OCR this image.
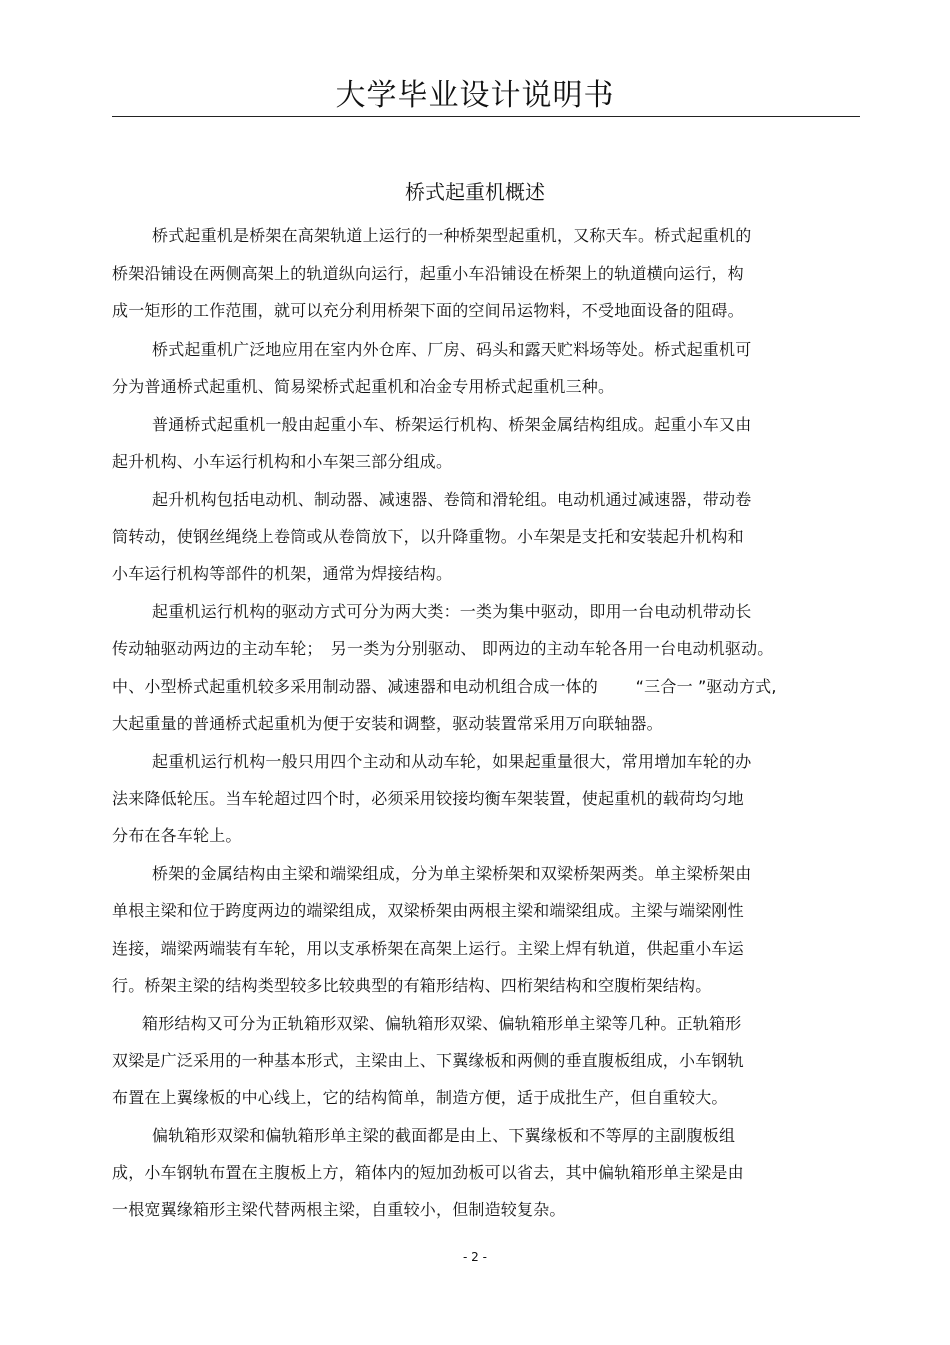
大学毕业设计说明书
桥式起重机概述
桥式起重机是桥架在高架轨道上运行的一种桥架型起重机，又称天车。桥式起重机的
桥架沿铺设在两侧高架上的轨道纵向运行，起重小车沿铺设在桥架上的轨道横向运行，构
成一矩形的工作范围，就可以充分利用桥架下面的空间吊运物料，不受地面设备的阻碍。
桥式起重机广泛地应用在室内外仓库、厂房、码头和露天贮料场等处。桥式起重机可
分为普通桥式起重机、简易梁桥式起重机和冶金专用桥式起重机三种。
普通桥式起重机一般由起重小车、桥架运行机构、桥架金属结构组成。起重小车又由
起升机构、小车运行机构和小车架三部分组成。
起升机构包括电动机、制动器、减速器、卷筒和滑轮组。电动机通过减速器，带动卷
筒转动，使钢丝绳绕上卷筒或从卷筒放下，以升降重物。小车架是支托和安装起升机构和
小车运行机构等部件的机架，通常为焊接结构。
起重机运行机构的驱动方式可分为两大类：一类为集中驱动，即用一台电动机带动长
传动轴驱动两边的主动车轮；　另一类为分别驱动、 即两边的主动车轮各用一台电动机驱动。
中、小型桥式起重机较多采用制动器、减速器和电动机组合成一体的　　 “三合一 ”驱动方式,
大起重量的普通桥式起重机为便于安装和调整，驱动装置常采用万向联轴器。
起重机运行机构一般只用四个主动和从动车轮，如果起重量很大，常用增加车轮的办
法来降低轮压。当车轮超过四个时，必须采用铰接均衡车架装置，使起重机的载荷均匀地
分布在各车轮上。
桥架的金属结构由主梁和端梁组成，分为单主梁桥架和双梁桥架两类。单主梁桥架由
单根主梁和位于跨度两边的端梁组成，双梁桥架由两根主梁和端梁组成。主梁与端梁刚性
连接，端梁两端装有车轮，用以支承桥架在高架上运行。主梁上焊有轨道，供起重小车运
行。桥架主梁的结构类型较多比较典型的有箱形结构、四桁架结构和空腹桁架结构。
箱形结构又可分为正轨箱形双梁、偏轨箱形双梁、偏轨箱形单主梁等几种。正轨箱形
双梁是广泛采用的一种基本形式，主梁由上、下翼缘板和两侧的垂直腹板组成，小车钢轨
布置在上翼缘板的中心线上，它的结构简单，制造方便，适于成批生产，但自重较大。
偏轨箱形双梁和偏轨箱形单主梁的截面都是由上、下翼缘板和不等厚的主副腹板组
成，小车钢轨布置在主腹板上方，箱体内的短加劲板可以省去，其中偏轨箱形单主梁是由
一根宽翼缘箱形主梁代替两根主梁，自重较小，但制造较复杂。
- 2 -
